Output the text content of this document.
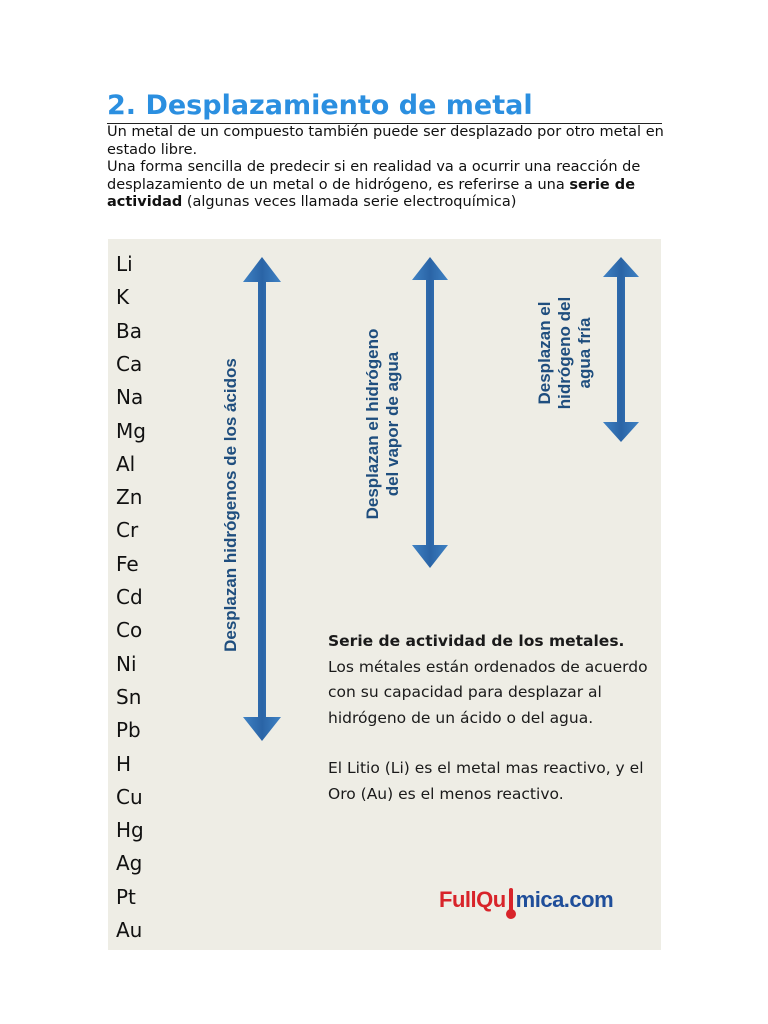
2. Desplazamiento de metal

Un metal de un compuesto también puede ser desplazado por otro metal en estado libre.

Una forma sencilla de predecir si en realidad va a ocurrir una reacción de desplazamiento de un metal o de hidrógeno, es referirse a una serie de actividad (algunas veces llamada serie electroquímica)

Li
K
Ba
Ca
Na
Mg
Al
Zn
Cr
Fe
Cd
Co
Ni
Sn
Pb
H
Cu
Hg
Ag
Pt
Au
Desplazan hidrógenos de los ácidos	Desplazan el hidrógeno del vapor de agua	Desplazan el hidrógeno del agua fría

Serie de actividad de los metales.

Los métales están ordenados de acuerdo con su capacidad para desplazar al hidrógeno de un ácido o del agua.

El Litio (Li) es el metal mas reactivo, y el Oro (Au) es el menos reactivo.

FullQu mica.com
